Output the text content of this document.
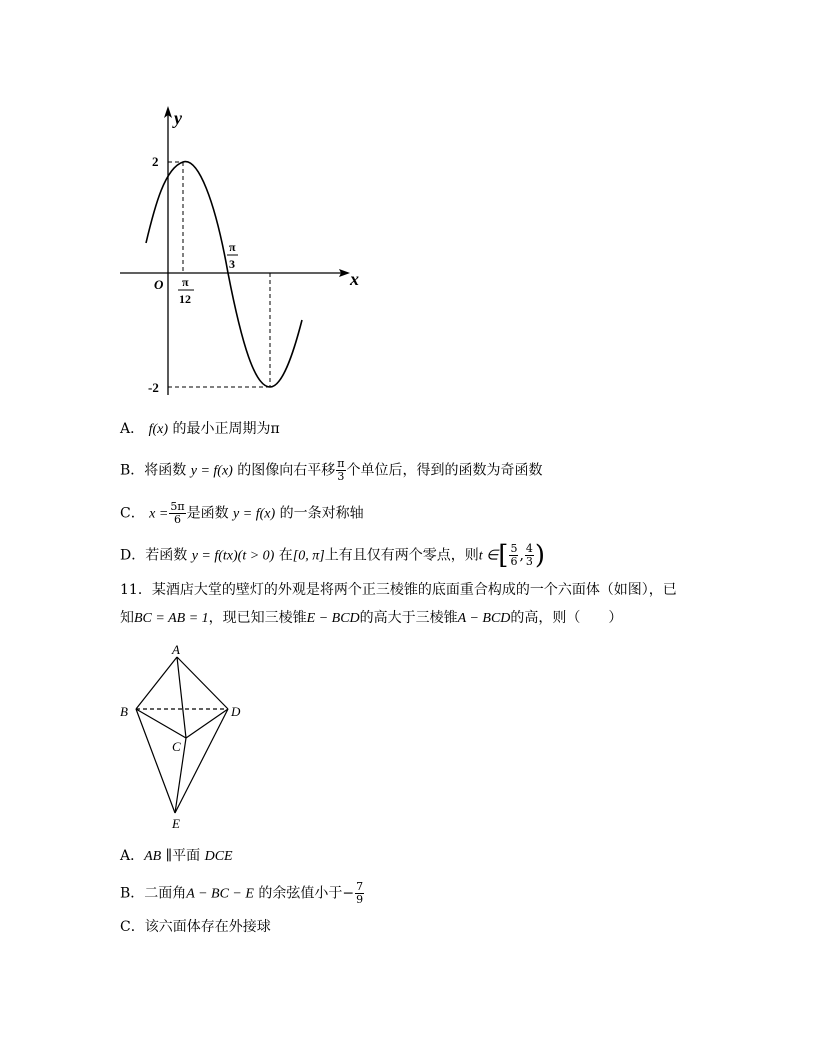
y
x
O
2
-2
π
12
π
3
A． f(x) 的最小正周期为π
B．将函数 y = f(x) 的图像向右平移 $\frac{\pi}{3}$ 个单位后，得到的函数为奇函数
C． $x = \frac{5\pi}{6}$ 是函数 y = f(x) 的一条对称轴
D．若函数 y = f(tx)(t > 0) 在[0, π]上有且仅有两个零点，则t ∈[ $\frac{5}{6}$ , $\frac{4}{3}$ )
11．某酒店大堂的壁灯的外观是将两个正三棱锥的底面重合构成的一个六面体（如图），已
知BC = AB = 1，现已知三棱锥E − BCD的高大于三棱锥A − BCD的高，则（　　）
A
B	D
C
E
A．AB ∥平面 DCE
B．二面角A − BC − E 的余弦值小于− $\frac{7}{9}$
C．该六面体存在外接球
